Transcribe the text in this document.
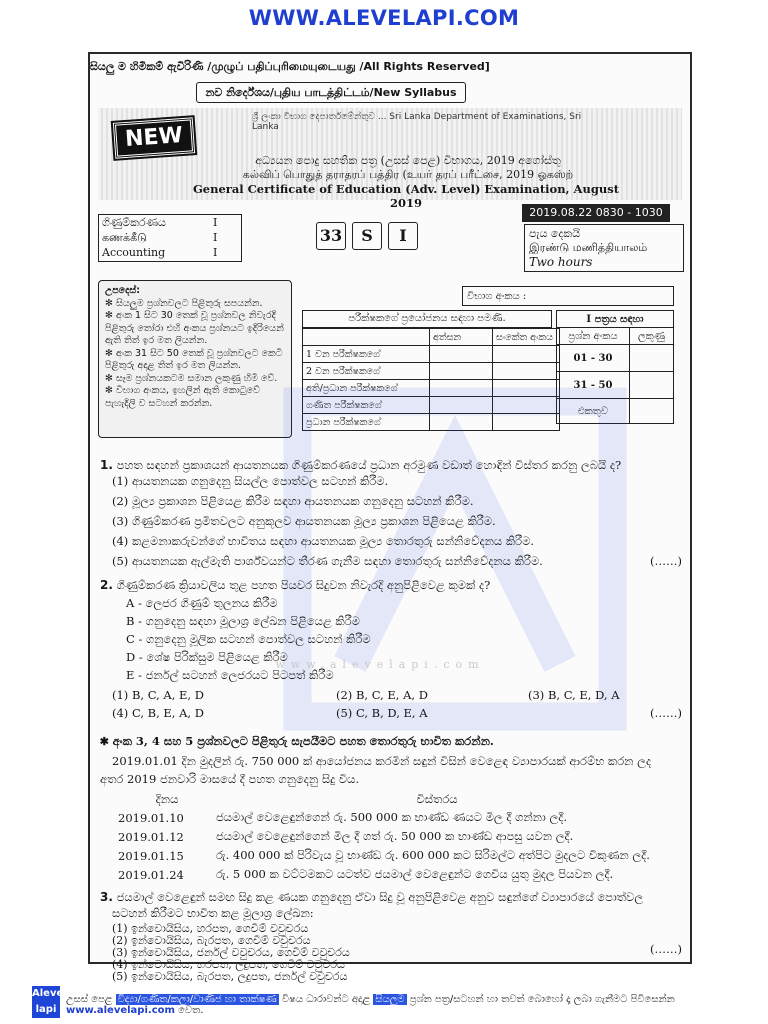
WWW.ALEVELAPI.COM
සියලු ම හිමිකම් ඇවිරිණි /முழுப் பதிப்புரிமையுடையது /All Rights Reserved]
නව නිර්දේශය/புதிய பாடத்திட்டம்/New Syllabus
ශ්‍රී ලංකා විභාග දෙපාර්තමේන්තුව ... Sri Lanka Department of Examinations, Sri Lanka
NEW
අධ්‍යයන පොදු සහතික පත්‍ර (උසස් පෙළ) විභාගය, 2019 අගෝස්තු
கல்விப் பொதுத் தராதரப் பத்திர (உயர் தரப் பரீட்சை, 2019 ஓகஸ்ற்
General Certificate of Education (Adv. Level) Examination, August 2019
2019.08.22 0830 - 1030
ගිණුම්කරණය	I
கணக்கீடு	I
Accounting	I
33 S I	පැය දෙකයි
இரண்டு மணித்தியாலம்
Two hours
උපදෙස්:
✻ සියලුම ප්‍රශ්නවලට පිළිතුරු සපයන්න.
✻ අංක 1 සිට 30 තෙක් වූ ප්‍රශ්නවල නිවැරදි පිළිතුරු තෝරා එහි අංකය ප්‍රශ්නයට ඉදිරියෙන් ඇති තිත් ඉර මත ලියන්න.
✻ අංක 31 සිට 50 තෙක් වූ ප්‍රශ්නවලට කෙටි පිළිතුරු අදාළ තිත් ඉර මත ලියන්න.
✻ සෑම ප්‍රශ්නයකටම සමාන ලකුණු හිමි වේ.
✻ විභාග අංකය, ඉහලින් ඇති කොටුවේ පැහැදිලි ව සටහන් කරන්න.
විභාග අංකය :
පරීක්ෂකගේ ප්‍රයෝජනය සඳහා පමණි.
	අත්සන	සංකේත අංකය
1 වන පරීක්ෂකගේ		
2 වන පරීක්ෂකගේ		
අති/ප්‍රධාන පරීක්ෂකගේ		
ගණිත පරීක්ෂකගේ		
ප්‍රධාන පරීක්ෂකගේ		
I පත්‍රය සඳහා	
ප්‍රශ්න අංකය	ලකුණු
01 - 30	
31 - 50	
එකතුව	
1. පහත සඳහන් ප්‍රකාශයන් ආයතනයක ගිණුම්කරණයේ ප්‍රධාන අරමුණ වඩාත් හොඳින් විස්තර කරනු ලබයි ද?
(1) ආයතනයක ගනුදෙනු සියල්ල පොත්වල සටහන් කිරීම.
(2) මූල්‍ය ප්‍රකාශන පිළියෙළ කිරීම සඳහා ආයතනයක ගනුදෙනු සටහන් කිරීම.
(3) ගිණුම්කරණ ප්‍රමිතවලට අනුකූලව ආයතනයක මූල්‍ය ප්‍රකාශන පිළියෙළ කිරීම.
(4) කළමනාකරුවන්ගේ භාවිතය සඳහා ආයතනයක මූල්‍ය තොරතුරු සන්නිවේදනය කිරීම.
(5) ආයතනයක ඇල්මැති පාර්ශ්වයන්ට තීරණ ගැනීම සඳහා තොරතුරු සන්නිවේදනය කිරීම.	(……)
2. ගිණුම්කරණ ක්‍රියාවලිය තුළ පහත පියවර සිදුවන නිවැරදි අනුපිළිවෙළ කුමක් ද?
A - ලෙජර ගිණුම් තුලනය කිරීම
B - ගනුදෙනු සඳහා මූලාශ්‍ර ලේඛන පිළියෙළ කිරීම
C - ගනුදෙනු මූලික සටහන් පොත්වල සටහන් කිරීම
D - ශේෂ පිරික්සුම පිළියෙළ කිරීම
E - ජර්නල් සටහන් ලෙජරයට පිටපත් කිරීම
www.alevelapi.com
(1) B, C, A, E, D	(2) B, C, E, A, D	(3) B, C, E, D, A
(4) C, B, E, A, D	(5) C, B, D, E, A	(……)
✱ අංක 3, 4 සහ 5 ප්‍රශ්නවලට පිළිතුරු සැපයීමට පහත තොරතුරු භාවිත කරන්න.
2019.01.01 දින මුදලින් රු. 750 000 ක් ආයෝජනය කරමින් සඳුන් විසින් වෙළෙඳ ව්‍යාපාරයක් ආරම්භ කරන ලද
අතර 2019 ජනවාරි මාසයේ දී පහත ගනුදෙනු සිදු විය.
දිනය	විස්තරය
2019.01.10	ජයමාල් වෙළෙඳුන්ගෙන් රු. 500 000 ක භාණ්ඩ ණයට මිල දී ගන්නා ලදී.
2019.01.12	ජයමාල් වෙළෙඳුන්ගෙන් මිල දී ගත් රු. 50 000 ක භාණ්ඩ ආපසු යවන ලදී.
2019.01.15	රු. 400 000 ක් පිරිවැය වූ භාණ්ඩ රු. 600 000 කට සිරිමල්ට අත්පිට මුදලට විකුණන ලදී.
2019.01.24	රු. 5 000 ක වට්ටමකට යටත්ව ජයමාල් වෙළෙඳුන්ට ගෙවිය යුතු මුදල පියවන ලදී.
3. ජයමාල් වෙළෙඳුන් සමඟ සිදු කළ ණයක ගනුදෙනු ඒවා සිදු වූ අනුපිළිවෙළ අනුව සඳුන්ගේ ව්‍යාපාරයේ පොත්වල
සටහන් කිරීමට භාවිත කළ මූලාශ්‍ර ලේඛන:
(1) ඉන්වොයිසිය, හරපත, ගෙවීම් වවුචරය
(2) ඉන්වොයිසිය, බැරපත, ගෙවීම් වවුචරය
(3) ඉන්වොයිසිය, ජර්නල් වවුචරය, ගෙවීම් වවුචරය
(4) ඉන්වොයිසිය, හරපත, ලදුපත, ගෙවීම් වවුචරය
(5) ඉන්වොයිසිය, බැරපත, ලදුපත, ජර්නල් වවුචරය
(……)
Aleve lapi
උසස් පෙළ විද්‍යා/ගණිත/කලා/වාණිජ හා තාක්ෂණ විෂය ධාරාවන්ට අදාළ සියලුම ප්‍රශ්න පත්‍ර/සටහන් හා තවත් බොහෝ දෑ ලබා ගැනීමට පිවිසෙන්න www.alevelapi.com වෙත.
